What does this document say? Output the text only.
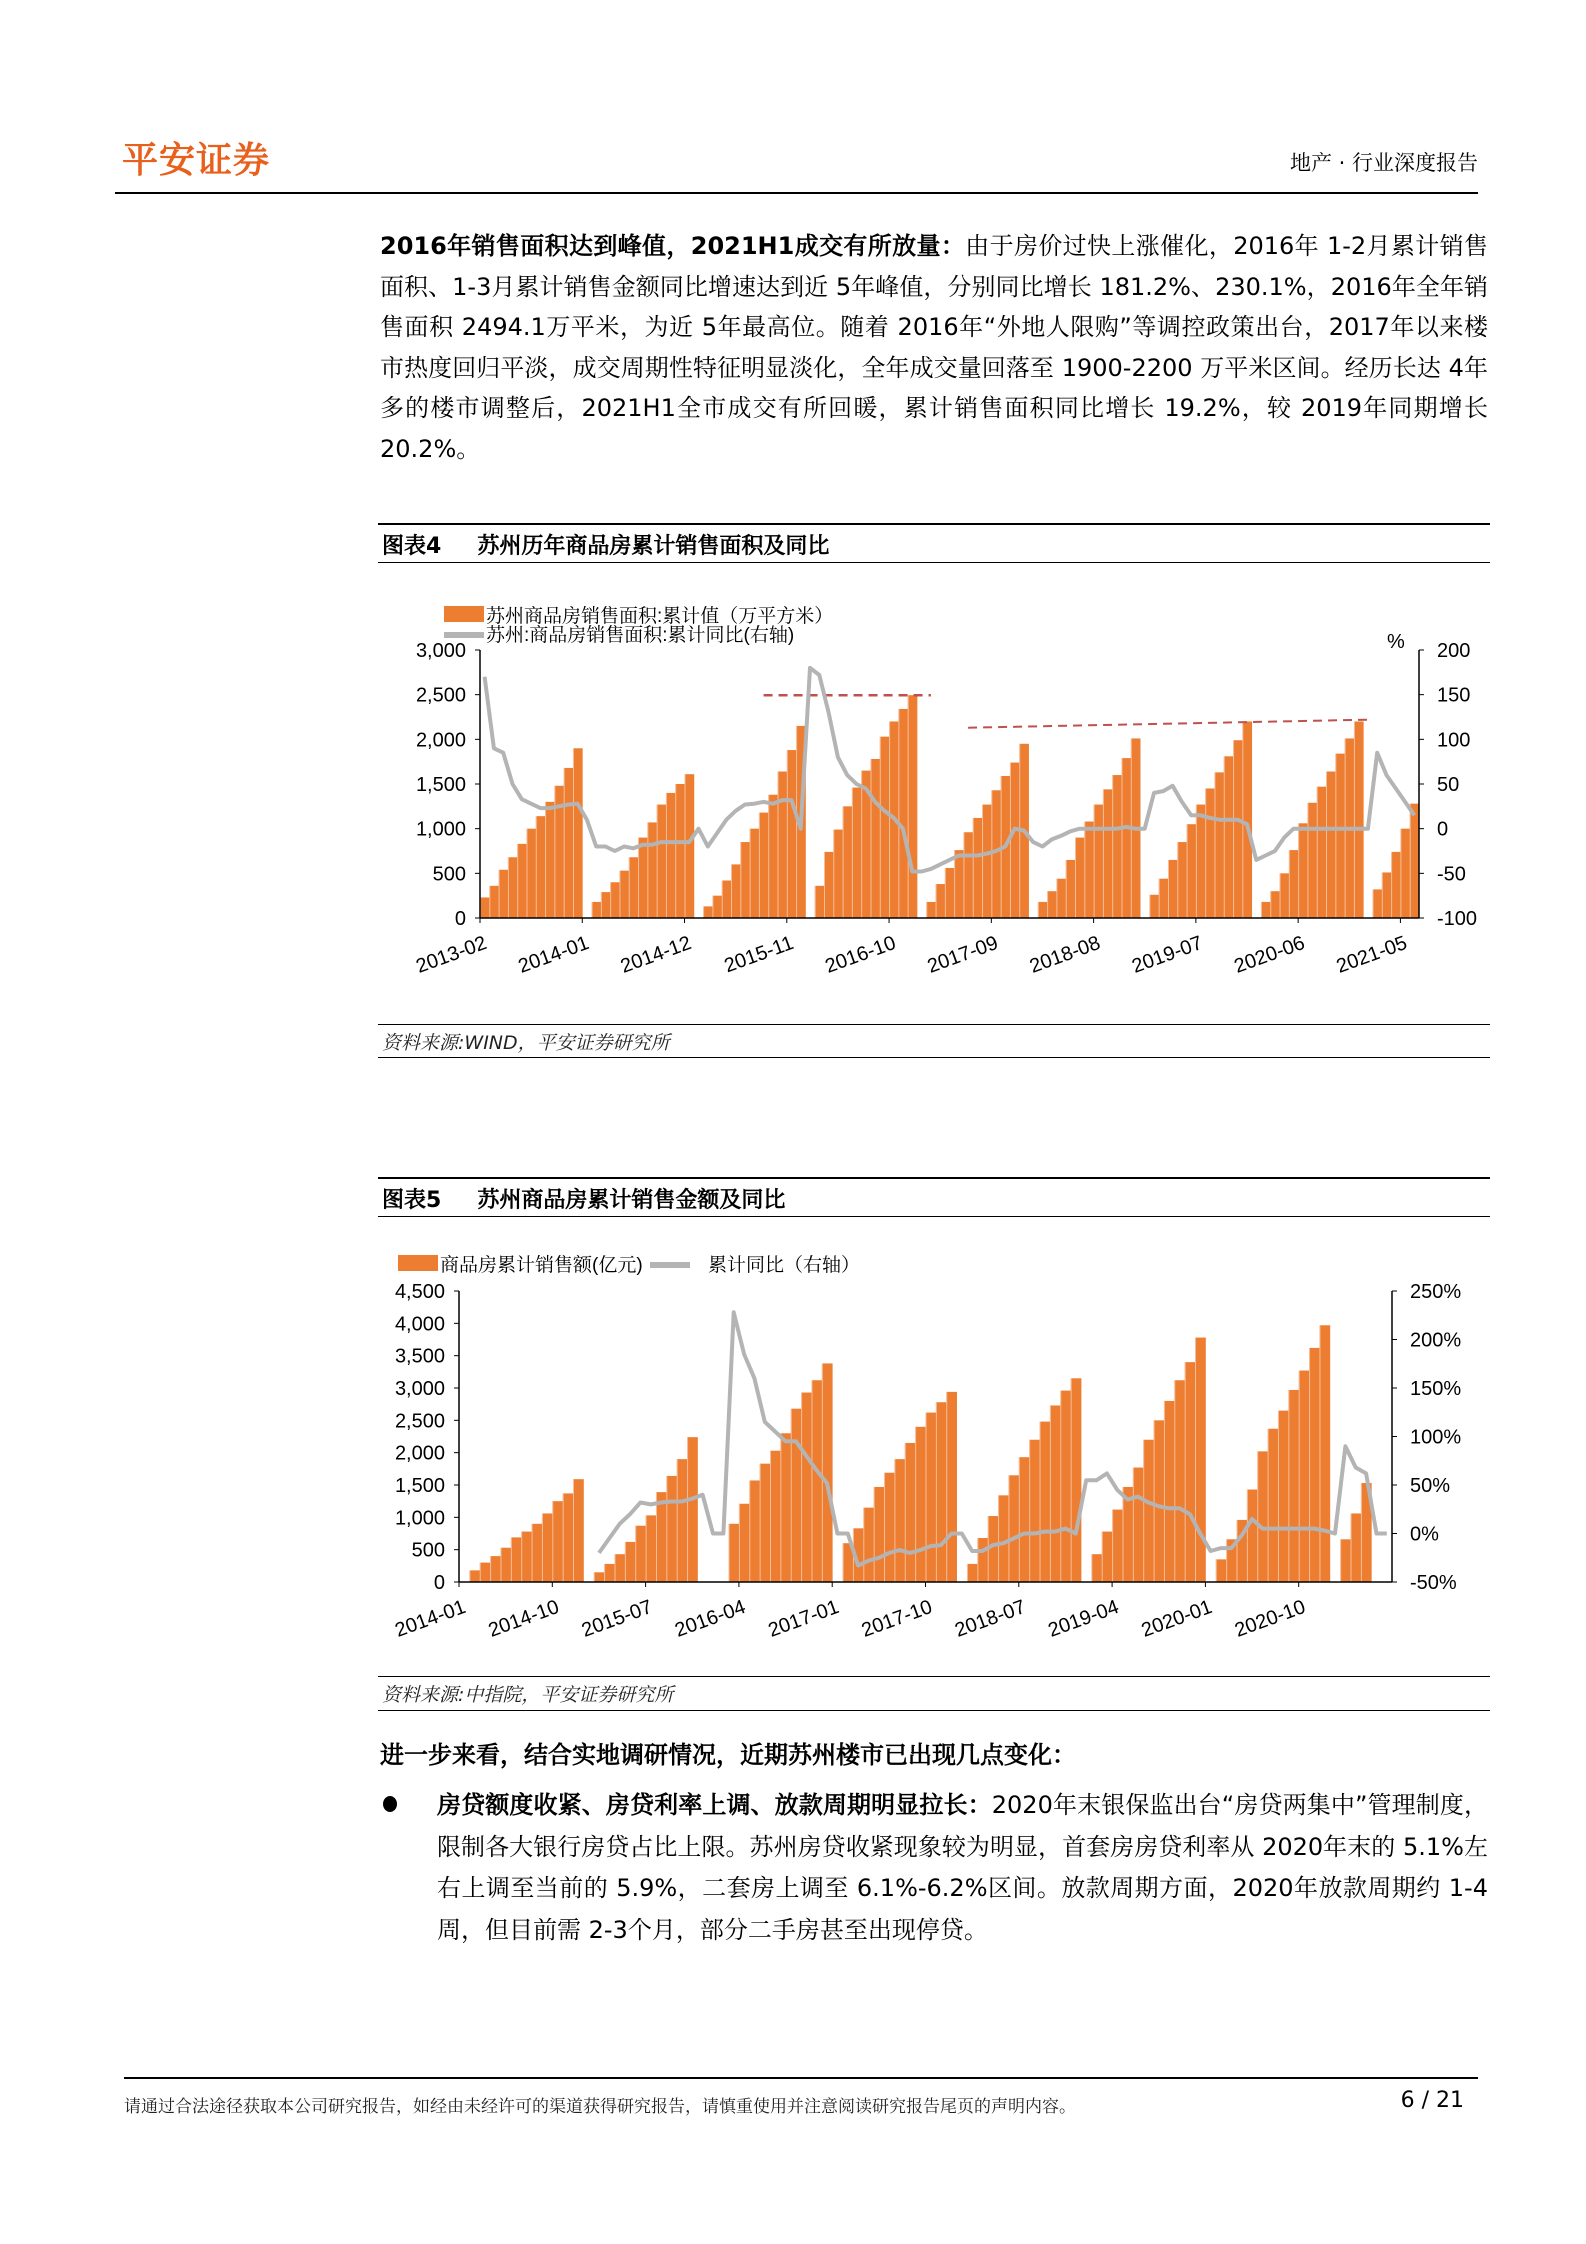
平安证券	地产 · 行业深度报告
2016年销售面积达到峰值，2021H1成交有所放量：由于房价过快上涨催化，2016年 1-2月累计销售面积、1-3月累计销售金额同比增速达到近 5年峰值，分别同比增长 181.2%、230.1%，2016年全年销售面积 2494.1万平米，为近 5年最高位。随着 2016年“外地人限购”等调控政策出台，2017年以来楼市热度回归平淡，成交周期性特征明显淡化，全年成交量回落至 1900-2200 万平米区间。经历长达 4年多的楼市调整后，2021H1全市成交有所回暖，累计销售面积同比增长 19.2%，较 2019年同期增长 20.2%。
图表4 苏州历年商品房累计销售面积及同比
0
500
1,000
1,500
2,000
2,500
3,000
-100
-50
0
50
100
150
200
%
2013-02 2014-01 2014-12 2015-11 2016-10 2017-09 2018-08 2019-07 2020-06 2021-05
苏州商品房销售面积:累计值（万平方米）
苏州:商品房销售面积:累计同比(右轴)
资料来源:WIND，平安证券研究所
图表5 苏州商品房累计销售金额及同比
0
500
1,000
1,500
2,000
2,500
3,000
3,500
4,000
4,500
-50%
0%
50%
100%
150%
200%
250%
2014-01 2014-10 2015-07 2016-04 2017-01 2017-10 2018-07 2019-04 2020-01 2020-10
商品房累计销售额(亿元)	累计同比（右轴）
资料来源:中指院，平安证券研究所
进一步来看，结合实地调研情况，近期苏州楼市已出现几点变化：
房贷额度收紧、房贷利率上调、放款周期明显拉长：2020年末银保监出台“房贷两集中”管理制度，限制各大银行房贷占比上限。苏州房贷收紧现象较为明显，首套房房贷利率从 2020年末的 5.1%左右上调至当前的 5.9%，二套房上调至 6.1%-6.2%区间。放款周期方面，2020年放款周期约 1-4周，但目前需 2-3个月，部分二手房甚至出现停贷。
请通过合法途径获取本公司研究报告，如经由未经许可的渠道获得研究报告，请慎重使用并注意阅读研究报告尾页的声明内容。	6 / 21
